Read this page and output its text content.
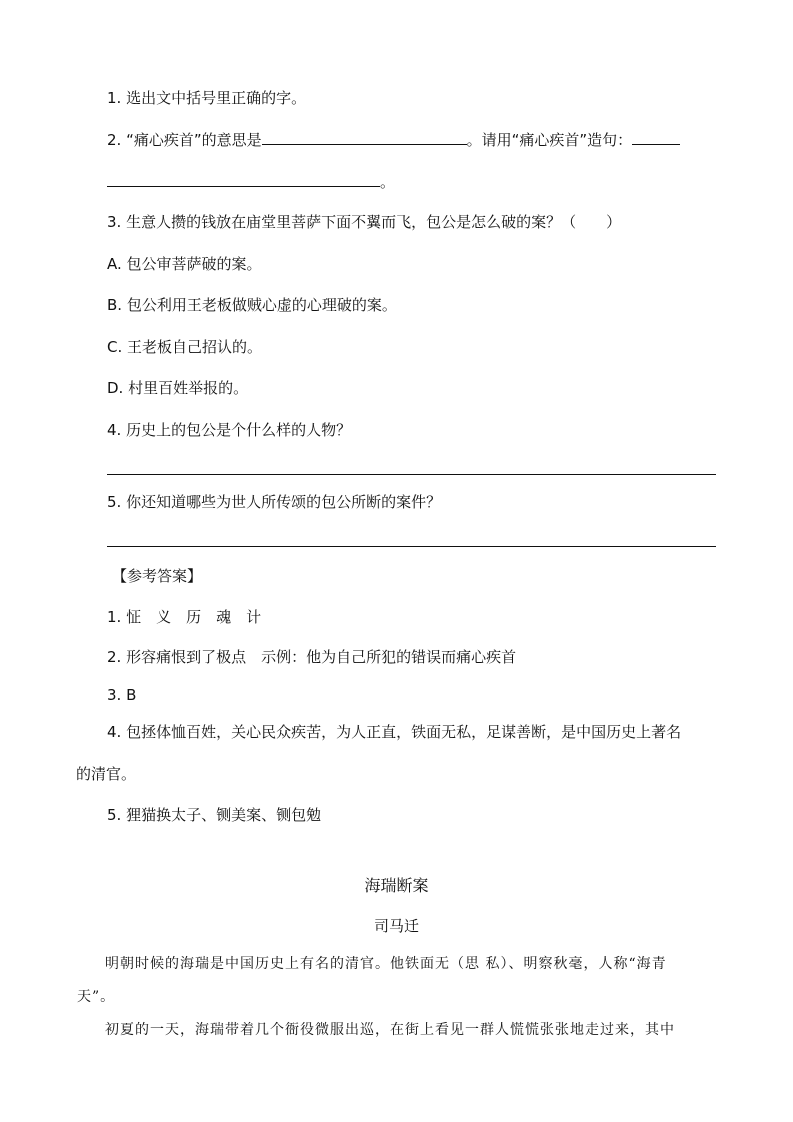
1. 选出文中括号里正确的字。
2. “痛心疾首”的意思是	。请用“痛心疾首”造句：
。
3. 生意人攒的钱放在庙堂里菩萨下面不翼而飞，包公是怎么破的案？（　　）
A. 包公审菩萨破的案。
B. 包公利用王老板做贼心虚的心理破的案。
C. 王老板自己招认的。
D. 村里百姓举报的。
4. 历史上的包公是个什么样的人物？
5. 你还知道哪些为世人所传颂的包公所断的案件？
【参考答案】
1. 怔　义　历　魂　计
2. 形容痛恨到了极点　示例：他为自己所犯的错误而痛心疾首
3. B
4. 包拯体恤百姓，关心民众疾苦，为人正直，铁面无私，足谋善断，是中国历史上著名
的清官。
5. 狸猫换太子、铡美案、铡包勉
海瑞断案
司马迁
明朝时候的海瑞是中国历史上有名的清官。他铁面无（思 私）、明察秋毫，人称“海青
天”。
初夏的一天，海瑞带着几个衙役微服出巡，在街上看见一群人慌慌张张地走过来，其中
